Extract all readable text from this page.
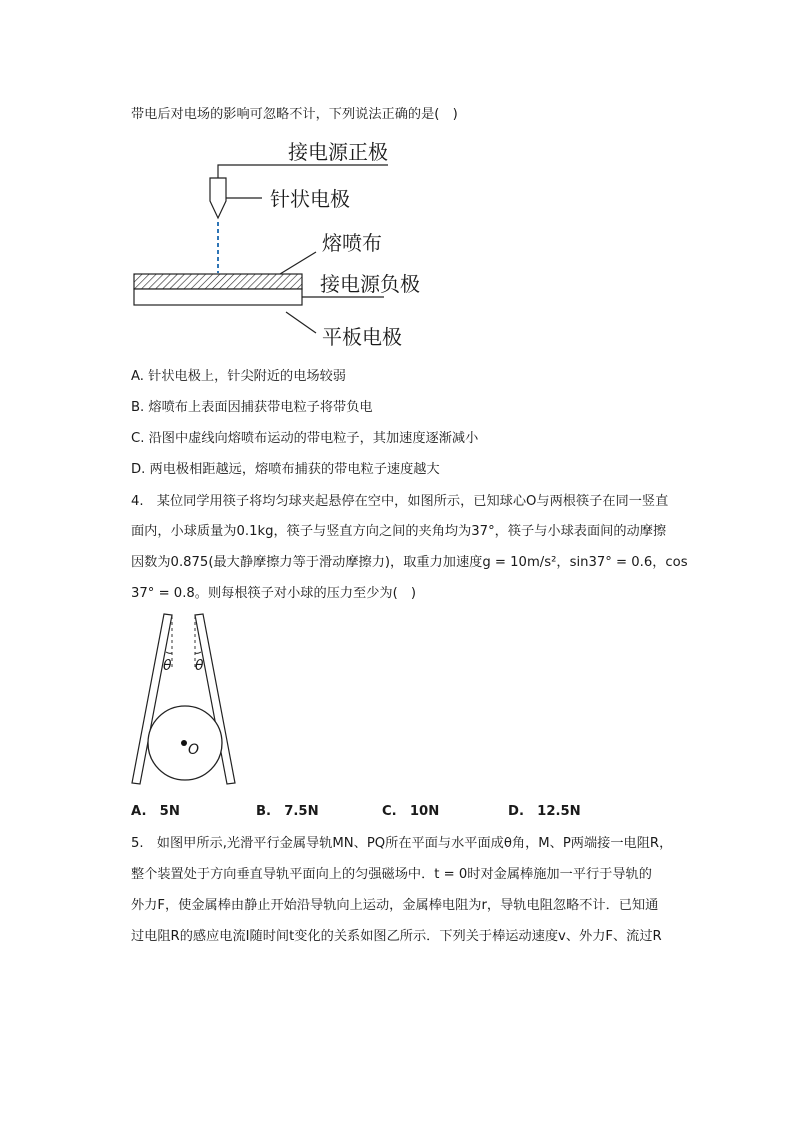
带电后对电场的影响可忽略不计，下列说法正确的是(　)
接电源正极
针状电极
熔喷布
接电源负极
平板电极
A. 针状电极上，针尖附近的电场较弱
B. 熔喷布上表面因捕获带电粒子将带负电
C. 沿图中虚线向熔喷布运动的带电粒子，其加速度逐渐减小
D. 两电极相距越远，熔喷布捕获的带电粒子速度越大
4.　某位同学用筷子将均匀球夹起悬停在空中，如图所示，已知球心O与两根筷子在同一竖直
面内，小球质量为0.1kg，筷子与竖直方向之间的夹角均为37°，筷子与小球表面间的动摩擦
因数为0.875(最大静摩擦力等于滑动摩擦力)，取重力加速度g = 10m/s²，sin37° = 0.6，cos
37° = 0.8。则每根筷子对小球的压力至少为(　)
θ θ
O
A.　5N	B.　7.5N	C.　10N	D.　12.5N
5.　如图甲所示,光滑平行金属导轨MN、PQ所在平面与水平面成θ角，M、P两端接一电阻R，
整个装置处于方向垂直导轨平面向上的匀强磁场中．t = 0时对金属棒施加一平行于导轨的
外力F，使金属棒由静止开始沿导轨向上运动，金属棒电阻为r，导轨电阻忽略不计．已知通
过电阻R的感应电流I随时间t变化的关系如图乙所示．下列关于棒运动速度v、外力F、流过R
